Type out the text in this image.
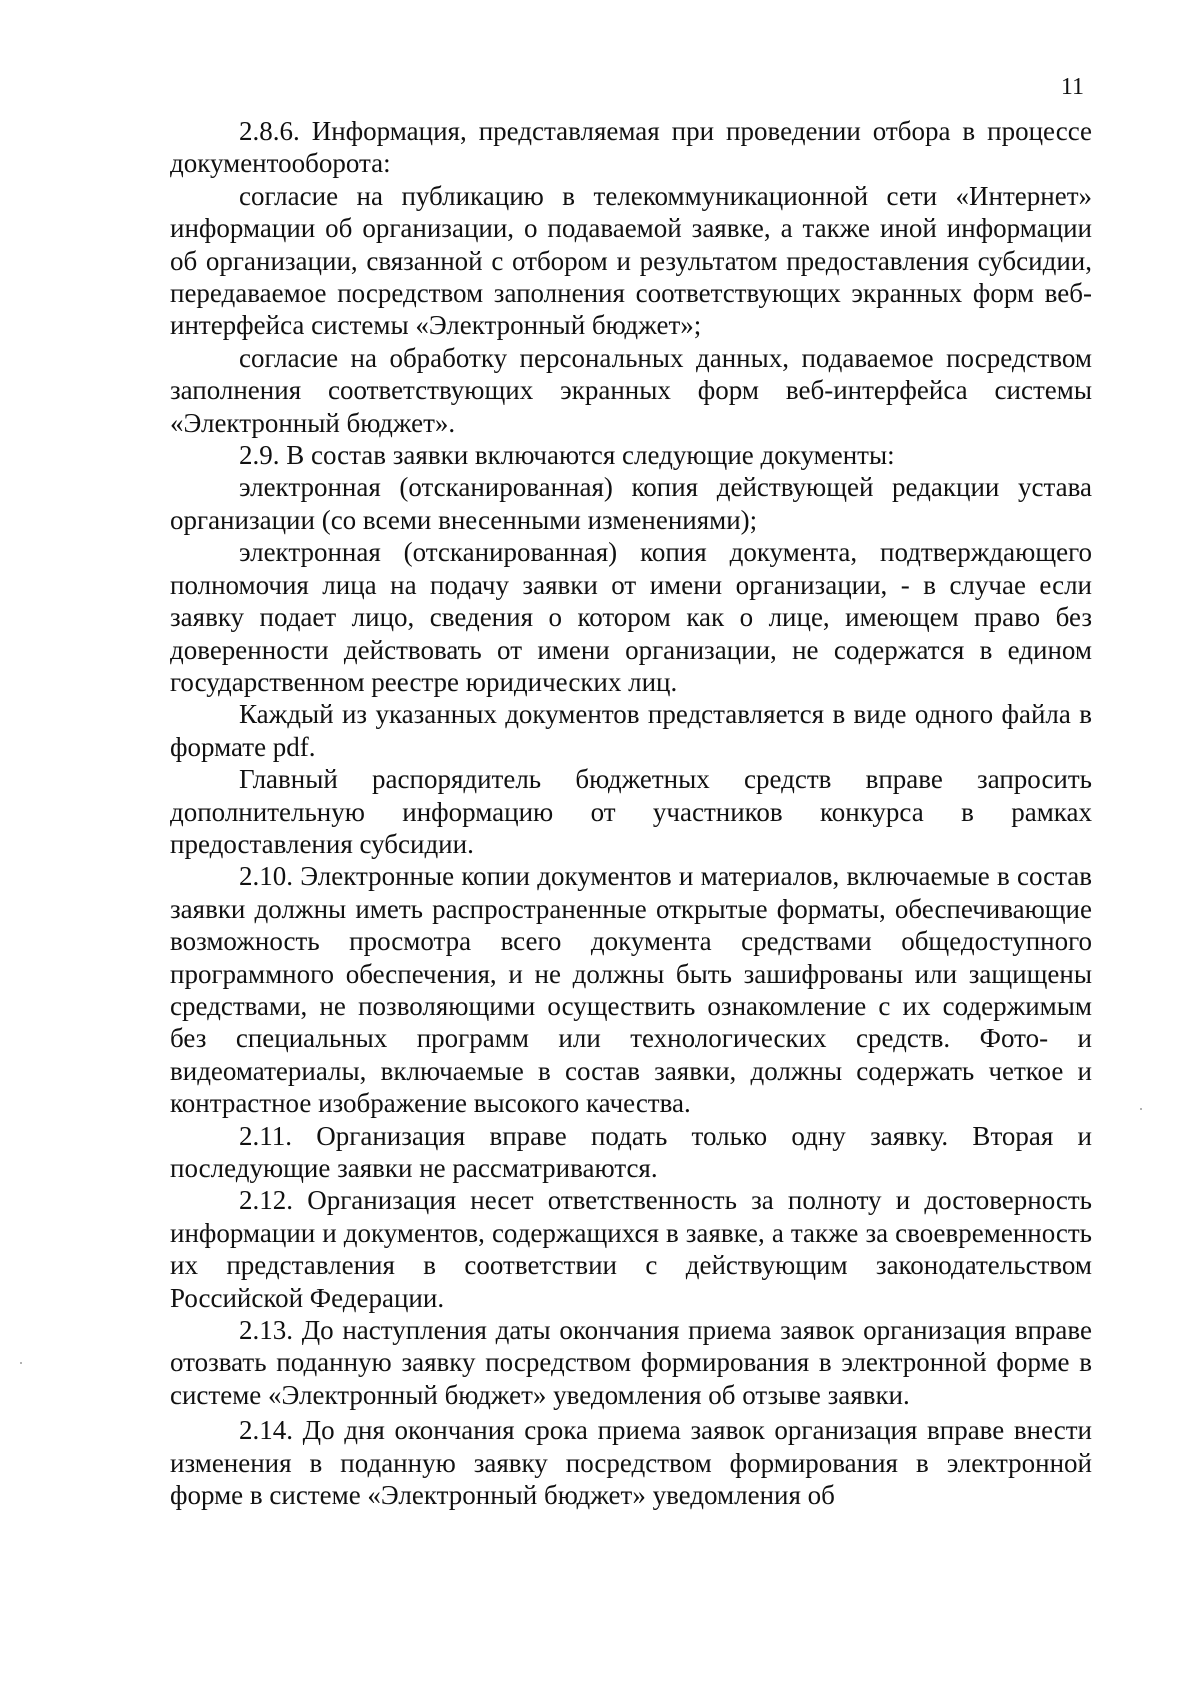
11

2.8.6. Информация, представляемая при проведении отбора в процессе документооборота:

согласие на публикацию в телекоммуникационной сети «Интернет» информации об организации, о подаваемой заявке, а также иной информации об организации, связанной с отбором и результатом предоставления субсидии, передаваемое посредством заполнения соответствующих экранных форм веб-интерфейса системы «Электронный бюджет»;

согласие на обработку персональных данных, подаваемое посредством заполнения соответствующих экранных форм веб-интерфейса системы «Электронный бюджет».

2.9. В состав заявки включаются следующие документы:

электронная (отсканированная) копия действующей редакции устава организации (со всеми внесенными изменениями);

электронная (отсканированная) копия документа, подтверждающего полномочия лица на подачу заявки от имени организации, - в случае если заявку подает лицо, сведения о котором как о лице, имеющем право без доверенности действовать от имени организации, не содержатся в едином государственном реестре юридических лиц.

Каждый из указанных документов представляется в виде одного файла в формате pdf.

Главный распорядитель бюджетных средств вправе запросить дополнительную информацию от участников конкурса в рамках предоставления субсидии.

2.10. Электронные копии документов и материалов, включаемые в состав заявки должны иметь распространенные открытые форматы, обеспечивающие возможность просмотра всего документа средствами общедоступного программного обеспечения, и не должны быть зашифрованы или защищены средствами, не позволяющими осуществить ознакомление с их содержимым без специальных программ или технологических средств. Фото- и видеоматериалы, включаемые в состав заявки, должны содержать четкое и контрастное изображение высокого качества.

2.11. Организация вправе подать только одну заявку. Вторая и последующие заявки не рассматриваются.

2.12. Организация несет ответственность за полноту и достоверность информации и документов, содержащихся в заявке, а также за своевременность их представления в соответствии с действующим законодательством Российской Федерации.

2.13. До наступления даты окончания приема заявок организация вправе отозвать поданную заявку посредством формирования в электронной форме в системе «Электронный бюджет» уведомления об отзыве заявки.

2.14. До дня окончания срока приема заявок организация вправе внести изменения в поданную заявку посредством формирования в электронной форме в системе «Электронный бюджет» уведомления об
